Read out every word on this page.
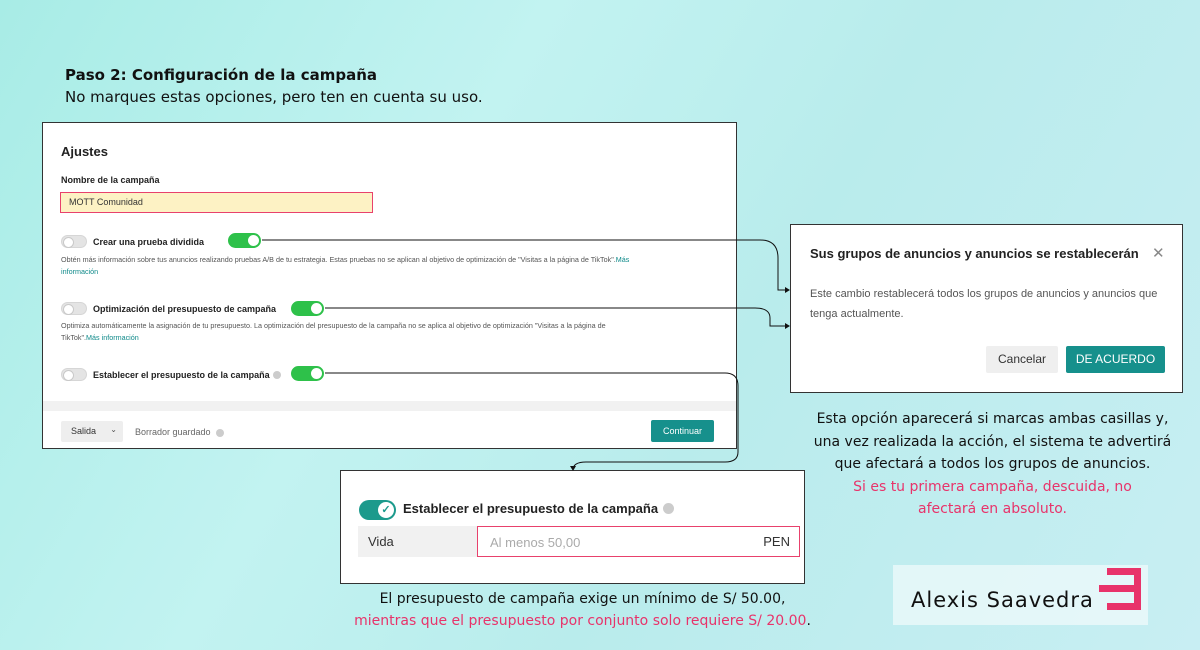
Paso 2: Configuración de la campaña
No marques estas opciones, pero ten en cuenta su uso.
Ajustes
Nombre de la campaña
MOTT Comunidad
Crear una prueba dividida
Obtén más información sobre tus anuncios realizando pruebas A/B de tu estrategia. Estas pruebas no se aplican al objetivo de optimización de "Visitas a la página de TikTok".Más
información
Optimización del presupuesto de campaña
Optimiza automáticamente la asignación de tu presupuesto. La optimización del presupuesto de la campaña no se aplica al objetivo de optimización "Visitas a la página de
TikTok".Más información
Establecer el presupuesto de la campaña
Salida ⌄ Borrador guardado	Continuar
Sus grupos de anuncios y anuncios se restablecerán ✕
Este cambio restablecerá todos los grupos de anuncios y anuncios que tenga actualmente.
Cancelar	DE ACUERDO
Esta opción aparecerá si marcas ambas casillas y,
una vez realizada la acción, el sistema te advertirá
que afectará a todos los grupos de anuncios.
Si es tu primera campaña, descuida, no
afectará en absoluto.
✓ Establecer el presupuesto de la campaña
Vida	Al menos 50,00	PEN
El presupuesto de campaña exige un mínimo de S/ 50.00,
mientras que el presupuesto por conjunto solo requiere S/ 20.00.
Alexis Saavedra
